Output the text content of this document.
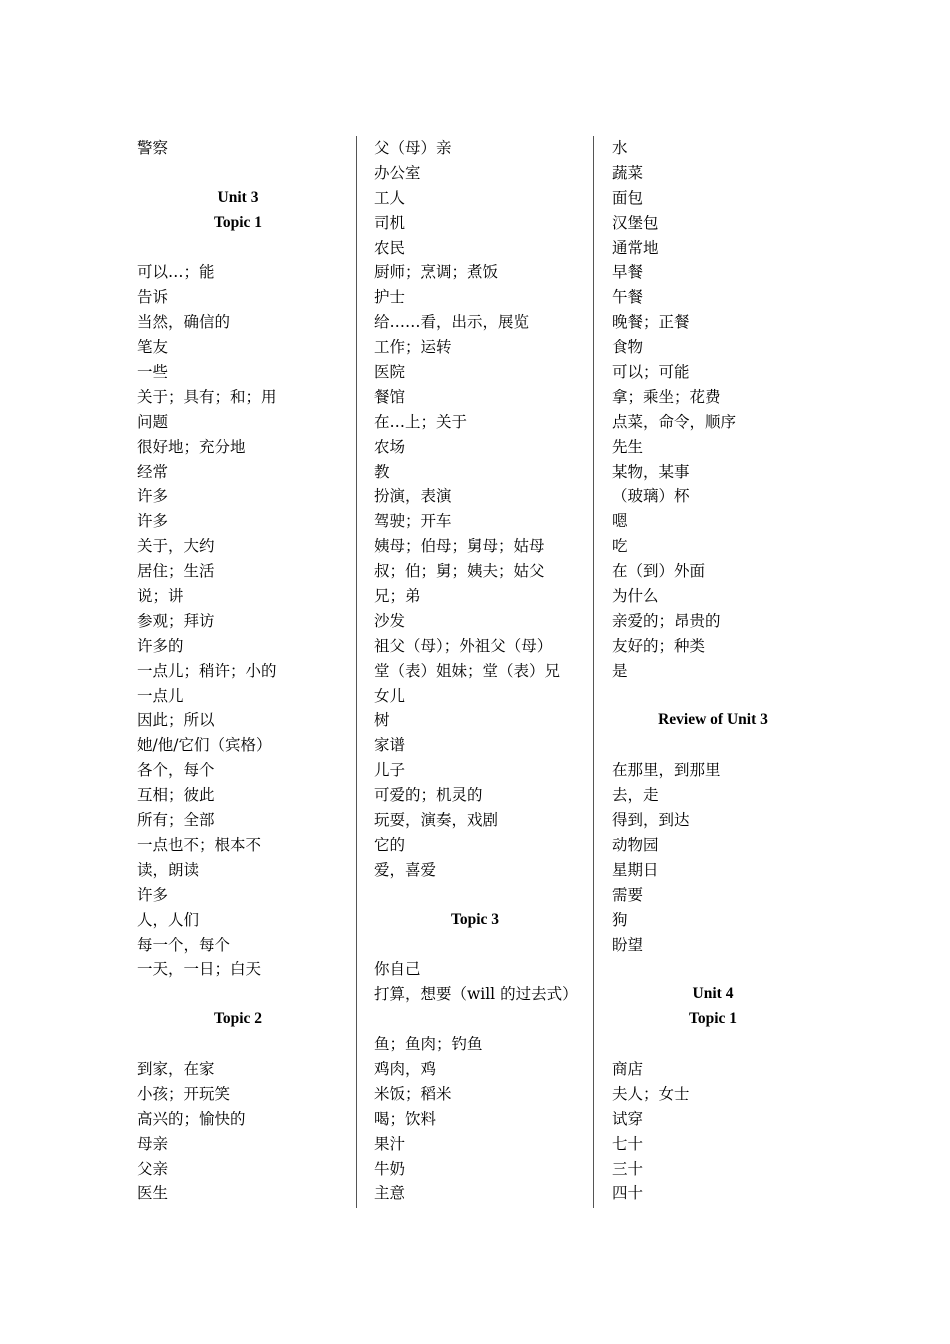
警察
Unit 3
Topic 1
可以…；能
告诉
当然，确信的
笔友
一些
关于；具有；和；用
问题
很好地；充分地
经常
许多
许多
关于，大约
居住；生活
说；讲
参观；拜访
许多的
一点儿；稍许；小的
一点儿
因此；所以
她/他/它们（宾格）
各个，每个
互相；彼此
所有；全部
一点也不；根本不
读，朗读
许多
人，人们
每一个，每个
一天，一日；白天
Topic 2
到家，在家
小孩；开玩笑
高兴的；愉快的
母亲
父亲
医生
父（母）亲
办公室
工人
司机
农民
厨师；烹调；煮饭
护士
给……看，出示，展览
工作；运转
医院
餐馆
在…上；关于
农场
教
扮演，表演
驾驶；开车
姨母；伯母；舅母；姑母
叔；伯；舅；姨夫；姑父
兄；弟
沙发
祖父（母）；外祖父（母）
堂（表）姐妹；堂（表）兄
女儿
树
家谱
儿子
可爱的；机灵的
玩耍，演奏，戏剧
它的
爱，喜爱
Topic 3
你自己
打算，想要（will 的过去式）
鱼；鱼肉；钓鱼
鸡肉，鸡
米饭；稻米
喝；饮料
果汁
牛奶
主意
水
蔬菜
面包
汉堡包
通常地
早餐
午餐
晚餐；正餐
食物
可以；可能
拿；乘坐；花费
点菜，命令，顺序
先生
某物，某事
（玻璃）杯
嗯
吃
在（到）外面
为什么
亲爱的；昂贵的
友好的；种类
是
Review of Unit 3
在那里，到那里
去，走
得到，到达
动物园
星期日
需要
狗
盼望
Unit 4
Topic 1
商店
夫人；女士
试穿
七十
三十
四十
